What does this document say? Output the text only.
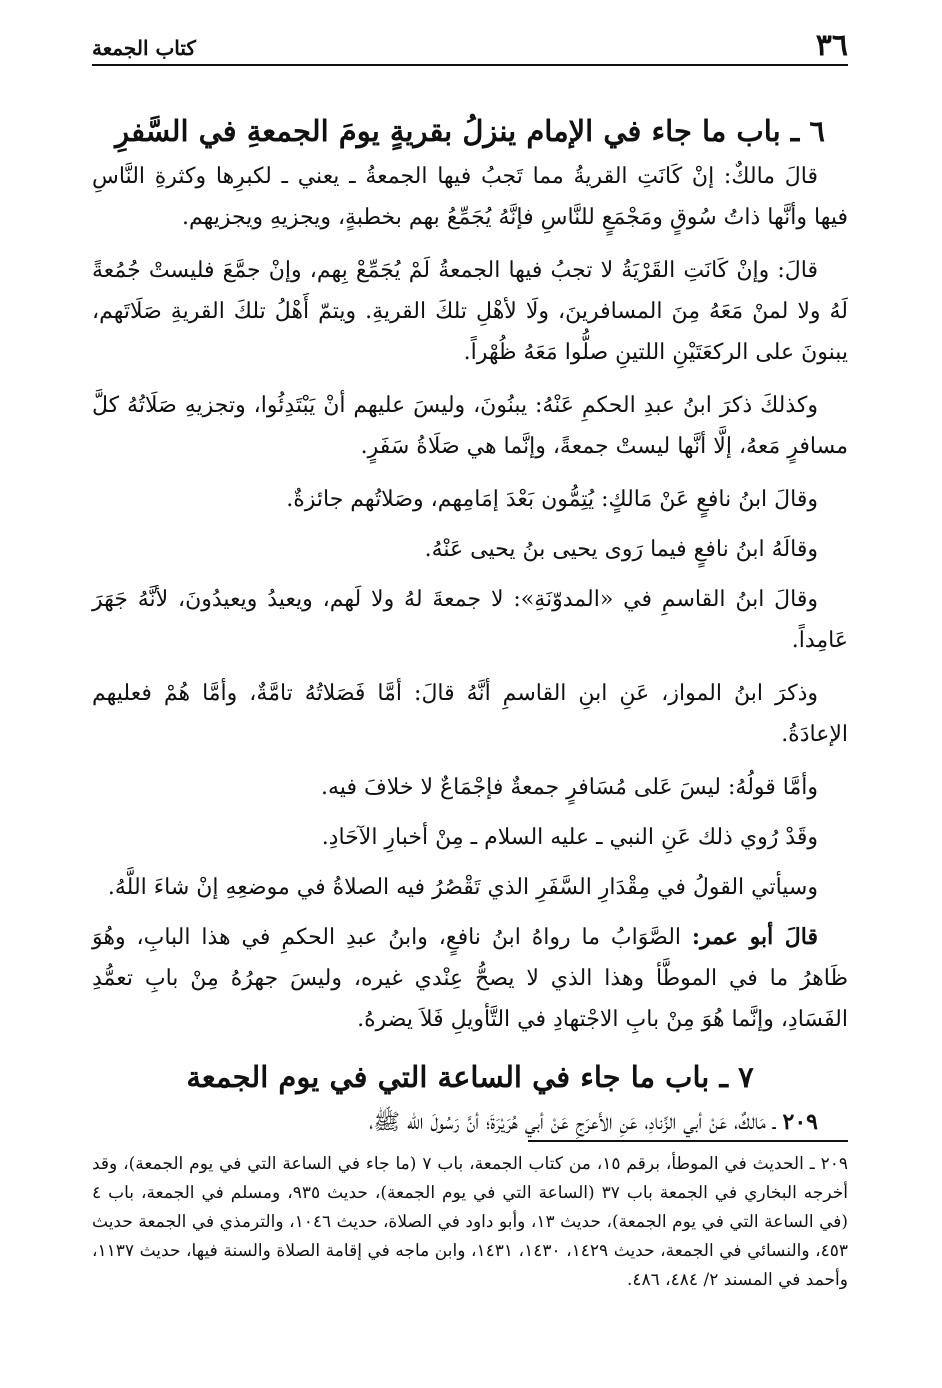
٣٦
كتاب الجمعة
٦ ـ باب ما جاء في الإمام ينزلُ بقريةٍ يومَ الجمعةِ في السَّفرِ

قالَ مالكٌ: إنْ كَانَتِ القريةُ مما تَجبُ فيها الجمعةُ ـ يعني ـ لكبرِها وكثرةِ النَّاسِ فيها وأنَّها ذاتُ سُوقٍ ومَجْمَعٍ للنَّاسِ فإنَّهُ يُجَمِّعُ بهم بخطبةٍ، ويجزيهِ ويجزيهم.

قالَ: وإنْ كَانَتِ القَرْيَةُ لا تجبُ فيها الجمعةُ لَمْ يُجَمِّعْ بِهم، وإنْ جمَّعَ فليستْ جُمُعةً لَهُ ولا لمنْ مَعَهُ مِنَ المسافرينَ، ولَا لأهْلِ تلكَ القريةِ. ويتمّ أَهْلُ تلكَ القريةِ صَلَاتَهم، يبنونَ على الركعَتَيْنِ اللتينِ صلُّوا مَعَهُ ظُهْراً.

وكذلكَ ذكرَ ابنُ عبدِ الحكمِ عَنْهُ: يبنُونَ، وليسَ عليهم أنْ يَبْتَدِئُوا، وتجزيهِ صَلَاتُهُ كلَّ مسافرٍ مَعهُ، إلَّا أنَّها ليستْ جمعةً، وإنَّما هي صَلَاةُ سَفَرٍ.

وقالَ ابنُ نافعٍ عَنْ مَالكٍ: يُتِمُّون بَعْدَ إمَامِهم، وصَلاتُهم جائزةٌ.

وقالَهُ ابنُ نافعٍ فيما رَوى يحيى بنُ يحيى عَنْهُ.

وقالَ ابنُ القاسمِ في «المدوّنَةِ»: لا جمعةَ لهُ ولا لَهم، ويعيدُ ويعيدُونَ، لأنَّهُ جَهَرَ عَامِداً.

وذكرَ ابنُ المواز، عَنِ ابنِ القاسمِ أنَّهُ قالَ: أمَّا فَصَلاتُهُ تامَّةٌ، وأمَّا هُمْ فعليهم الإعادَةُ.

وأمَّا قولُهُ: ليسَ عَلى مُسَافرٍ جمعةٌ فإجْمَاعٌ لا خلافَ فيه.

وقَدْ رُوي ذلك عَنِ النبي ـ عليه السلام ـ مِنْ أخبارِ الآحَادِ.

وسيأتي القولُ في مِقْدَارِ السَّفَرِ الذي تَقْصُرُ فيه الصلاةُ في موضعِهِ إنْ شاءَ اللَّهُ.

قالَ أبو عمر: الصَّوَابُ ما رواهُ ابنُ نافعٍ، وابنُ عبدِ الحكمِ في هذا البابِ، وهُوَ ظَاهرُ ما في الموطَّأ وهذا الذي لا يصحُّ عِنْدي غيره، وليسَ جهرُهُ مِنْ بابِ تعمُّدِ الفَسَادِ، وإنَّما هُوَ مِنْ بابِ الاجْتهادِ في التَّأويلِ فَلاَ يضرهُ.

٧ ـ باب ما جاء في الساعة التي في يوم الجمعة

٢٠٩ ـ مَالكٌ، عَنْ أبي الزِّنادِ، عَنِ الأَعرَجِ عَنْ أبي هُرَيْرَةَ؛ أنَّ رَسُولَ الله ﷺ،

٢٠٩ ـ الحديث في الموطأ، برقم ١٥، من كتاب الجمعة، باب ٧ (ما جاء في الساعة التي في يوم الجمعة)، وقد أخرجه البخاري في الجمعة باب ٣٧ (الساعة التي في يوم الجمعة)، حديث ٩٣٥، ومسلم في الجمعة، باب ٤ (في الساعة التي في يوم الجمعة)، حديث ١٣، وأبو داود في الصلاة، حديث ١٠٤٦، والترمذي في الجمعة حديث ٤٥٣، والنسائي في الجمعة، حديث ١٤٢٩، ١٤٣٠، ١٤٣١، وابن ماجه في إقامة الصلاة والسنة فيها، حديث ١١٣٧، وأحمد في المسند ٢/ ٤٨٤، ٤٨٦.
